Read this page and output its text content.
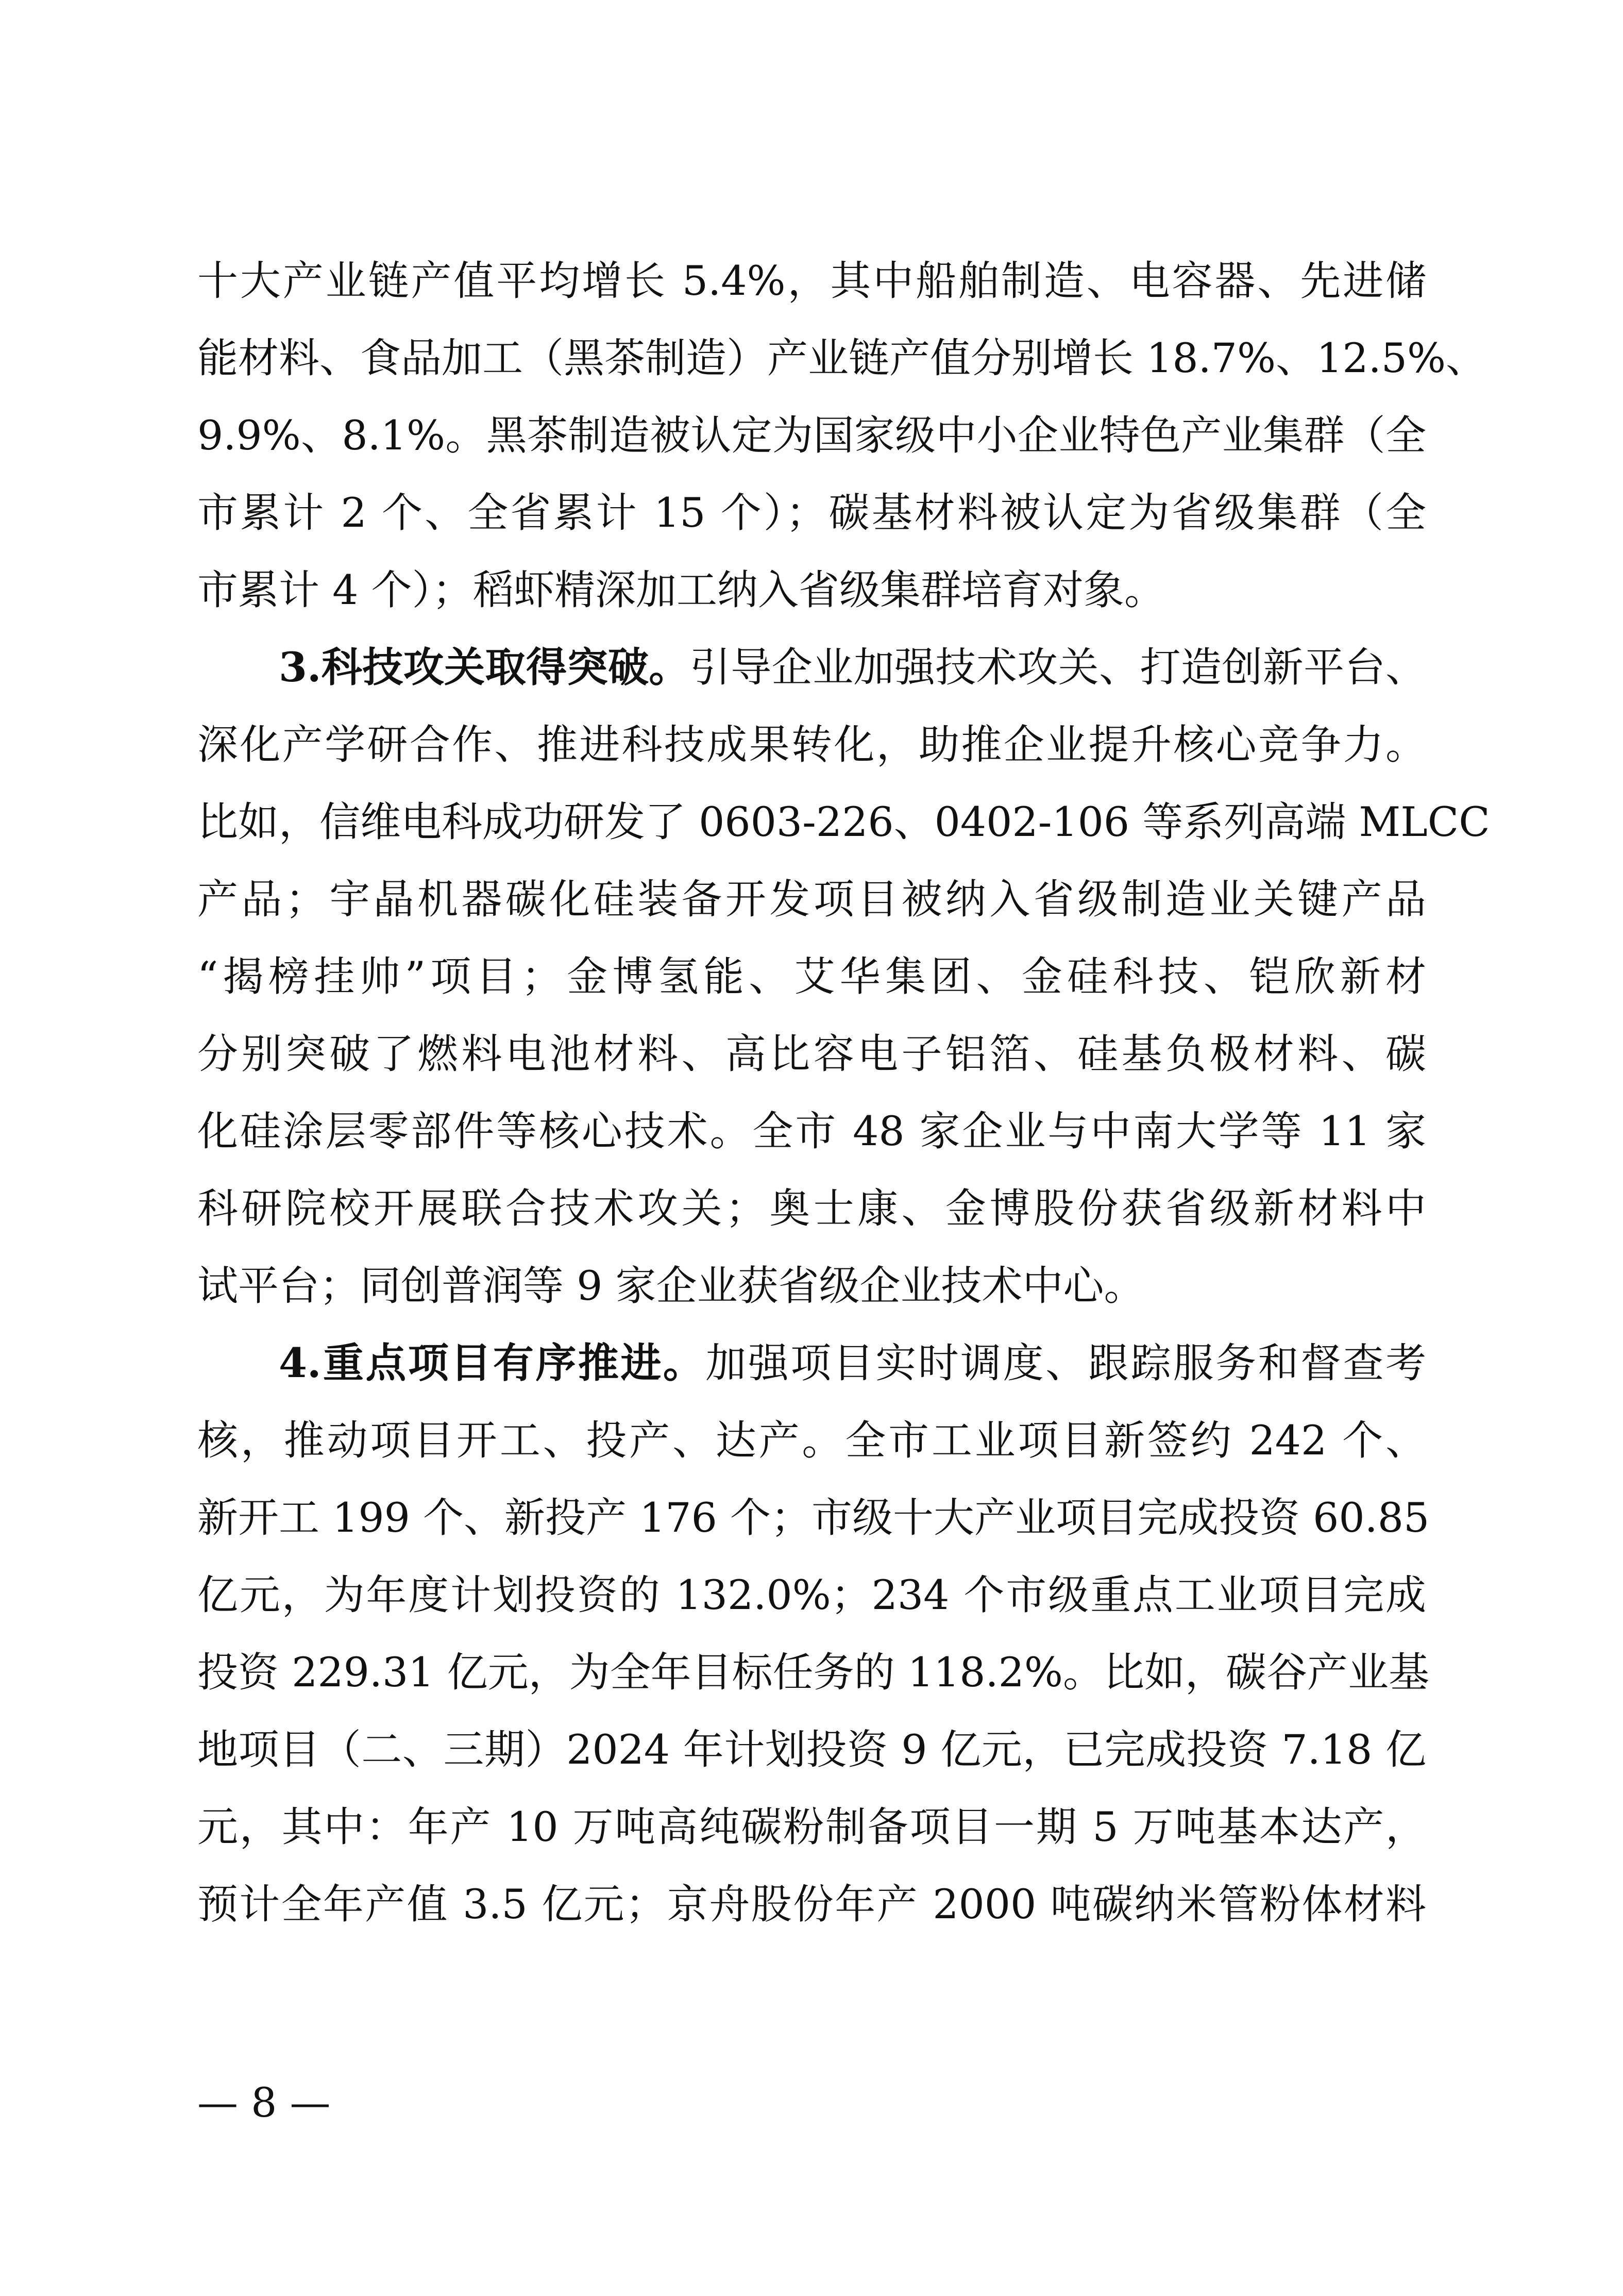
十大产业链产值平均增长 5.4%，其中船舶制造、电容器、先进储
能材料、食品加工（黑茶制造）产业链产值分别增长 18.7%、12.5%、
9.9%、8.1%。黑茶制造被认定为国家级中小企业特色产业集群（全
市累计 2 个、全省累计 15 个）；碳基材料被认定为省级集群（全
市累计 4 个）；稻虾精深加工纳入省级集群培育对象。
3.科技攻关取得突破。引导企业加强技术攻关、打造创新平台、
深化产学研合作、推进科技成果转化，助推企业提升核心竞争力。
比如，信维电科成功研发了 0603-226、0402-106 等系列高端 MLCC
产品；宇晶机器碳化硅装备开发项目被纳入省级制造业关键产品
“揭榜挂帅”项目；金博氢能、艾华集团、金硅科技、铠欣新材
分别突破了燃料电池材料、高比容电子铝箔、硅基负极材料、碳
化硅涂层零部件等核心技术。全市 48 家企业与中南大学等 11 家
科研院校开展联合技术攻关；奥士康、金博股份获省级新材料中
试平台；同创普润等 9 家企业获省级企业技术中心。
4.重点项目有序推进。加强项目实时调度、跟踪服务和督查考
核，推动项目开工、投产、达产。全市工业项目新签约 242 个、
新开工 199 个、新投产 176 个；市级十大产业项目完成投资 60.85
亿元，为年度计划投资的 132.0%；234 个市级重点工业项目完成
投资 229.31 亿元，为全年目标任务的 118.2%。比如，碳谷产业基
地项目（二、三期）2024 年计划投资 9 亿元，已完成投资 7.18 亿
元，其中：年产 10 万吨高纯碳粉制备项目一期 5 万吨基本达产，
预计全年产值 3.5 亿元；京舟股份年产 2000 吨碳纳米管粉体材料
— 8 —
